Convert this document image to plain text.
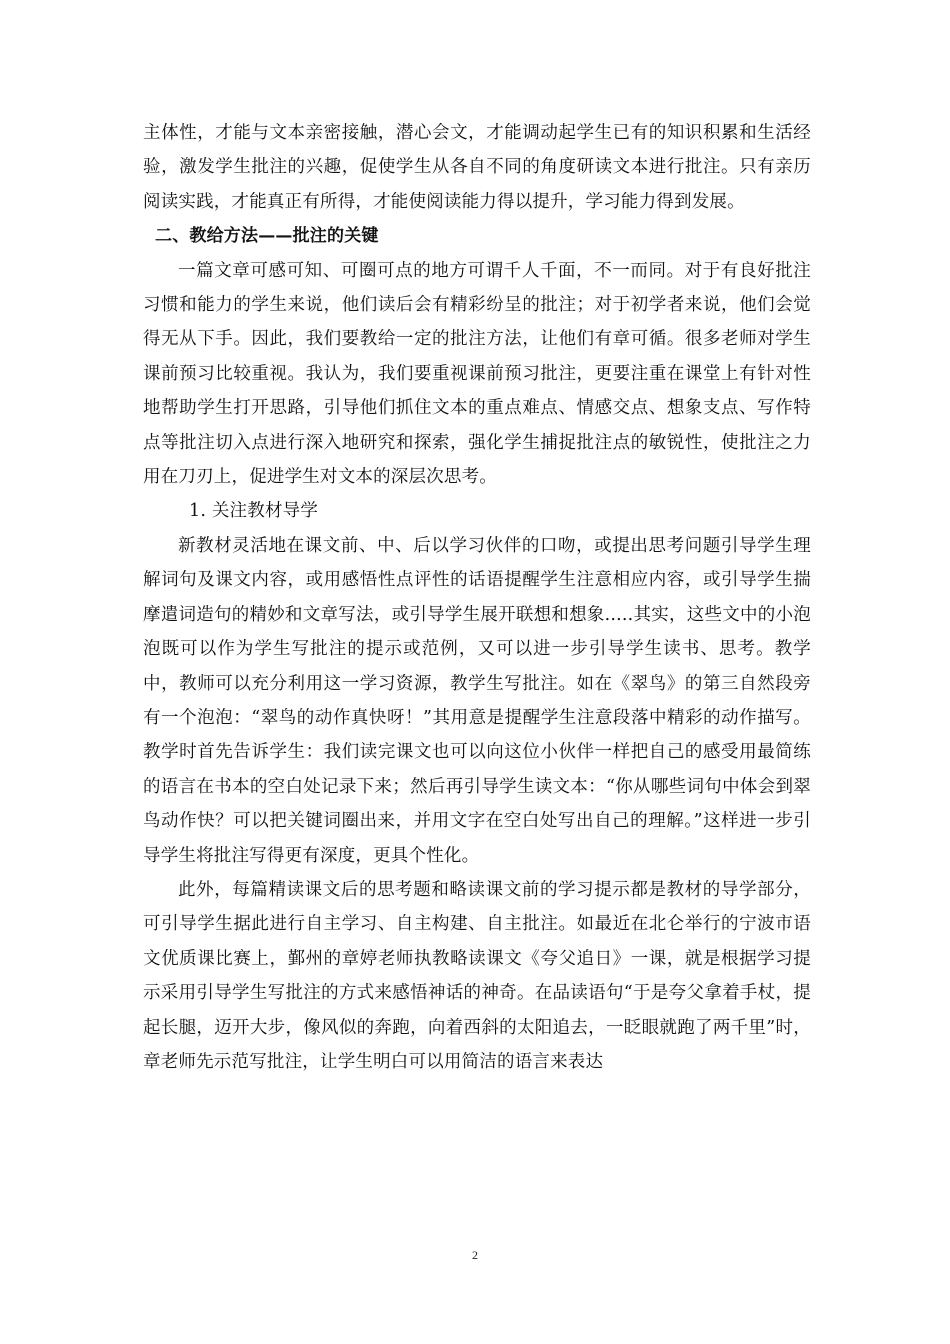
主体性，才能与文本亲密接触，潜心会文，才能调动起学生已有的知识积累和生活经验，激发学生批注的兴趣，促使学生从各自不同的角度研读文本进行批注。只有亲历阅读实践，才能真正有所得，才能使阅读能力得以提升，学习能力得到发展。

二、教给方法——批注的关键

一篇文章可感可知、可圈可点的地方可谓千人千面，不一而同。对于有良好批注习惯和能力的学生来说，他们读后会有精彩纷呈的批注；对于初学者来说，他们会觉得无从下手。因此，我们要教给一定的批注方法，让他们有章可循。很多老师对学生课前预习比较重视。我认为，我们要重视课前预习批注，更要注重在课堂上有针对性地帮助学生打开思路，引导他们抓住文本的重点难点、情感交点、想象支点、写作特点等批注切入点进行深入地研究和探索，强化学生捕捉批注点的敏锐性，使批注之力用在刀刃上，促进学生对文本的深层次思考。

1. 关注教材导学

新教材灵活地在课文前、中、后以学习伙伴的口吻，或提出思考问题引导学生理解词句及课文内容，或用感悟性点评性的话语提醒学生注意相应内容，或引导学生揣摩遣词造句的精妙和文章写法，或引导学生展开联想和想象.....其实，这些文中的小泡泡既可以作为学生写批注的提示或范例，又可以进一步引导学生读书、思考。教学中，教师可以充分利用这一学习资源，教学生写批注。如在《翠鸟》的第三自然段旁有一个泡泡：“翠鸟的动作真快呀！”其用意是提醒学生注意段落中精彩的动作描写。教学时首先告诉学生：我们读完课文也可以向这位小伙伴一样把自己的感受用最简练的语言在书本的空白处记录下来；然后再引导学生读文本：“你从哪些词句中体会到翠鸟动作快？可以把关键词圈出来，并用文字在空白处写出自己的理解。”这样进一步引导学生将批注写得更有深度，更具个性化。

此外，每篇精读课文后的思考题和略读课文前的学习提示都是教材的导学部分，可引导学生据此进行自主学习、自主构建、自主批注。如最近在北仑举行的宁波市语文优质课比赛上，鄞州的章婷老师执教略读课文《夸父追日》一课，就是根据学习提示采用引导学生写批注的方式来感悟神话的神奇。在品读语句“于是夸父拿着手杖，提起长腿，迈开大步，像风似的奔跑，向着西斜的太阳追去，一眨眼就跑了两千里”时，章老师先示范写批注，让学生明白可以用简洁的语言来表达

2
